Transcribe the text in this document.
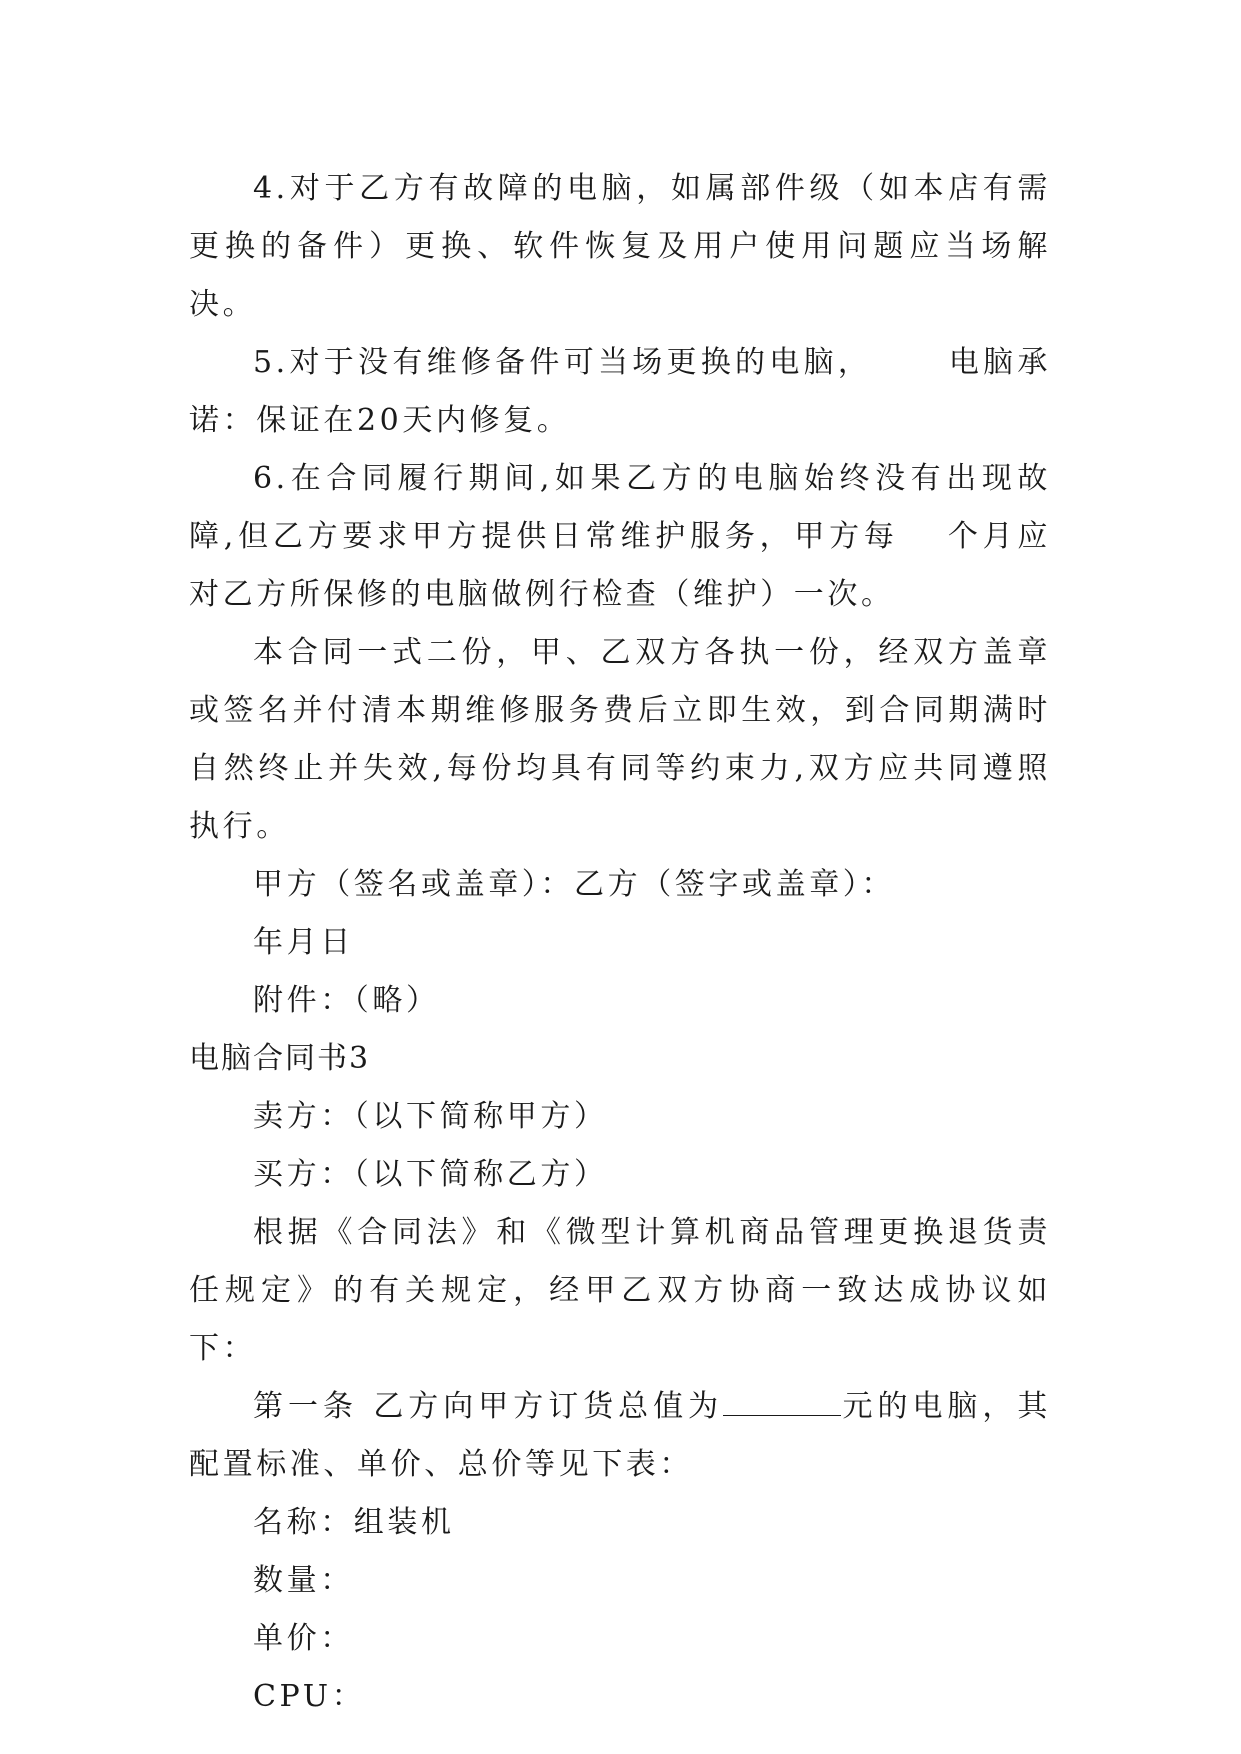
4.对于乙方有故障的电脑，如属部件级（如本店有需更换的备件）更换、软件恢复及用户使用问题应当场解决。

5.对于没有维修备件可当场更换的电脑，	电脑承诺：保证在20天内修复。

6.在合同履行期间,如果乙方的电脑始终没有出现故障,但乙方要求甲方提供日常维护服务，甲方每 个月应对乙方所保修的电脑做例行检查（维护）一次。

本合同一式二份，甲、乙双方各执一份，经双方盖章或签名并付清本期维修服务费后立即生效，到合同期满时自然终止并失效,每份均具有同等约束力,双方应共同遵照执行。

甲方（签名或盖章）：乙方（签字或盖章）：

年月日

附件：（略）

电脑合同书3

卖方：（以下简称甲方）

买方：（以下简称乙方）

根据《合同法》和《微型计算机商品管理更换退货责任规定》的有关规定，经甲乙双方协商一致达成协议如下：

第一条 乙方向甲方订货总值为	元的电脑，其配置标准、单价、总价等见下表：

名称：组装机

数量：

单价：

CPU：
